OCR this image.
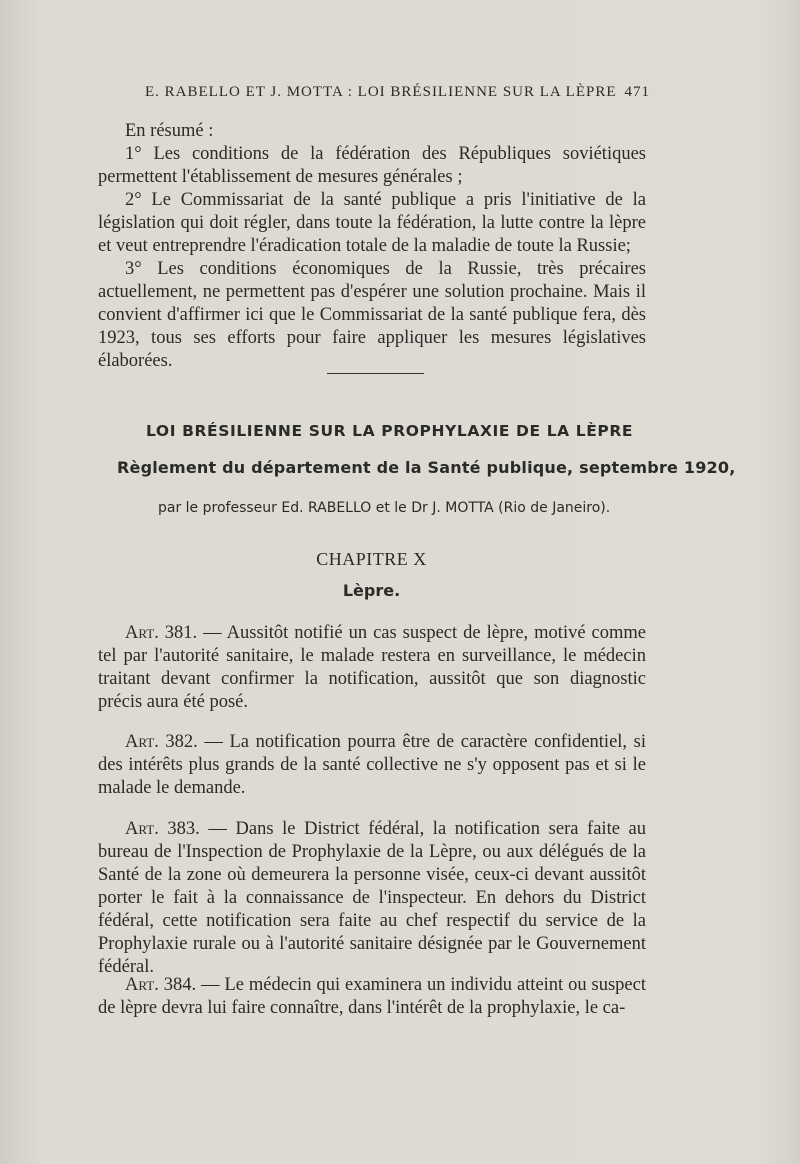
E. RABELLO ET J. MOTTA : LOI BRÉSILIENNE SUR LA LÈPRE 471

En résumé :

1° Les conditions de la fédération des Républiques soviétiques permettent l'établissement de mesures générales ;

2° Le Commissariat de la santé publique a pris l'initiative de la législation qui doit régler, dans toute la fédération, la lutte contre la lèpre et veut entreprendre l'éradication totale de la maladie de toute la Russie;

3° Les conditions économiques de la Russie, très précaires actuellement, ne permettent pas d'espérer une solution prochaine. Mais il convient d'affirmer ici que le Commissariat de la santé publique fera, dès 1923, tous ses efforts pour faire appliquer les mesures législatives élaborées.

LOI BRÉSILIENNE SUR LA PROPHYLAXIE DE LA LÈPRE
Règlement du département de la Santé publique, septembre 1920,
par le professeur Ed. RABELLO et le Dr J. MOTTA (Rio de Janeiro).
CHAPITRE X
Lèpre.

Art. 381. — Aussitôt notifié un cas suspect de lèpre, motivé comme tel par l'autorité sanitaire, le malade restera en surveillance, le médecin traitant devant confirmer la notification, aussitôt que son diagnostic précis aura été posé.

Art. 382. — La notification pourra être de caractère confidentiel, si des intérêts plus grands de la santé collective ne s'y opposent pas et si le malade le demande.

Art. 383. — Dans le District fédéral, la notification sera faite au bureau de l'Inspection de Prophylaxie de la Lèpre, ou aux délégués de la Santé de la zone où demeurera la personne visée, ceux-ci devant aussitôt porter le fait à la connaissance de l'inspecteur. En dehors du District fédéral, cette notification sera faite au chef respectif du service de la Prophylaxie rurale ou à l'autorité sanitaire désignée par le Gouvernement fédéral.

Art. 384. — Le médecin qui examinera un individu atteint ou suspect de lèpre devra lui faire connaître, dans l'intérêt de la prophylaxie, le ca-
